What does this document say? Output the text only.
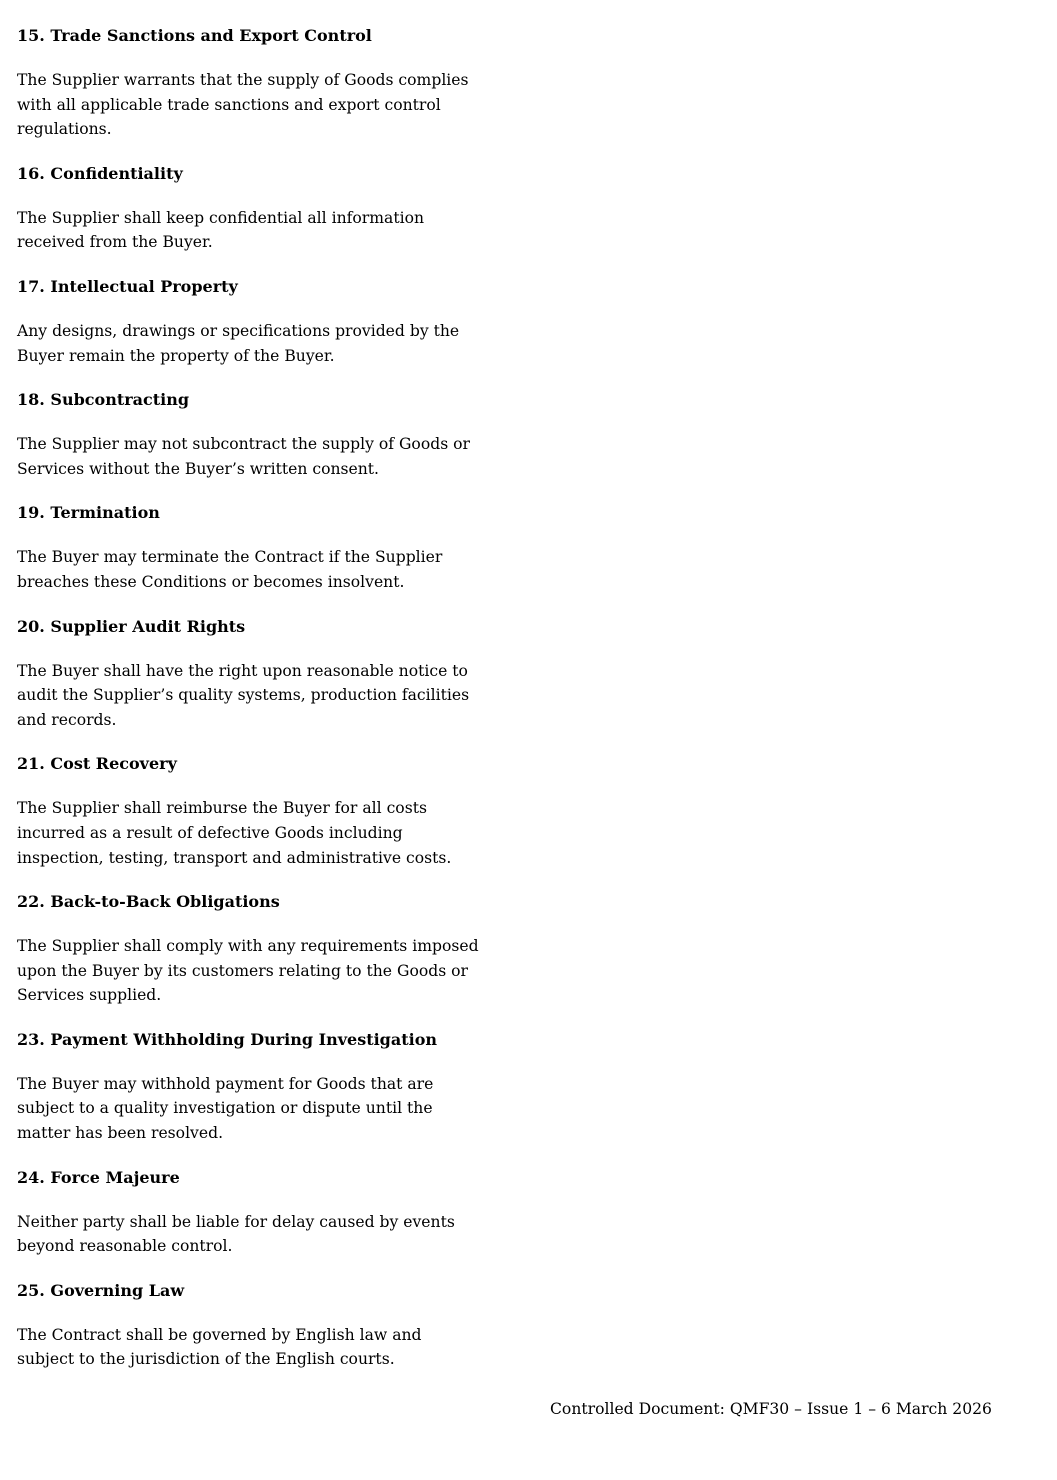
15. Trade Sanctions and Export Control
The Supplier warrants that the supply of Goods complies with all applicable trade sanctions and export control regulations.
16. Confidentiality
The Supplier shall keep confidential all information received from the Buyer.
17. Intellectual Property
Any designs, drawings or specifications provided by the Buyer remain the property of the Buyer.
18. Subcontracting
The Supplier may not subcontract the supply of Goods or Services without the Buyer’s written consent.
19. Termination
The Buyer may terminate the Contract if the Supplier breaches these Conditions or becomes insolvent.
20. Supplier Audit Rights
The Buyer shall have the right upon reasonable notice to audit the Supplier’s quality systems, production facilities and records.
21. Cost Recovery
The Supplier shall reimburse the Buyer for all costs incurred as a result of defective Goods including inspection, testing, transport and administrative costs.
22. Back-to-Back Obligations
The Supplier shall comply with any requirements imposed upon the Buyer by its customers relating to the Goods or Services supplied.
23. Payment Withholding During Investigation
The Buyer may withhold payment for Goods that are subject to a quality investigation or dispute until the matter has been resolved.
24. Force Majeure
Neither party shall be liable for delay caused by events beyond reasonable control.
25. Governing Law
The Contract shall be governed by English law and subject to the jurisdiction of the English courts.
Controlled Document: QMF30 – Issue 1 – 6 March 2026
